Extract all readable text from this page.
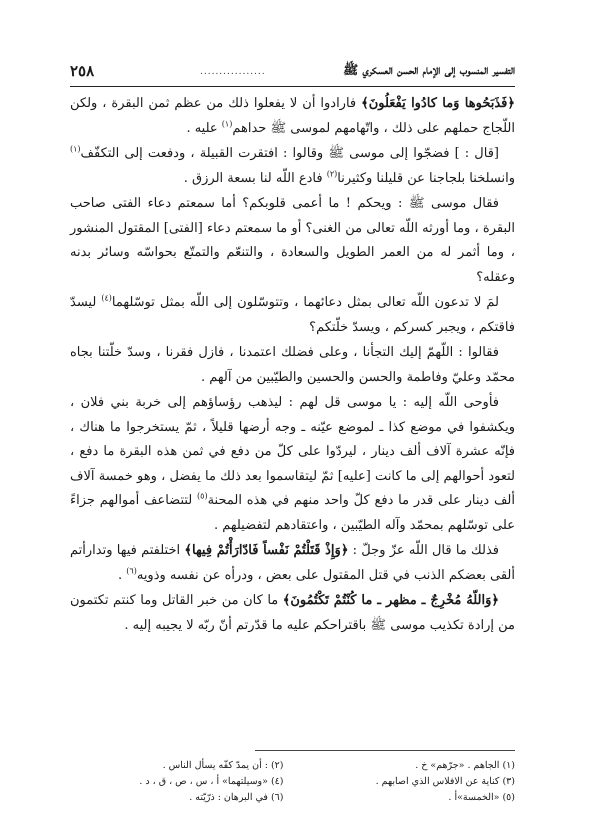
٢٥٨	التفسير المنسوب إلى الإمام الحسن العسكري ﷺ
.................

﴿فَذَبَحُوها وَما كادُوا يَفْعَلُونَ﴾ فارادوا أن لا يفعلوا ذلك من عظم ثمن البقرة ، ولكن اللّجاج حملهم على ذلك ، واتّهامهم لموسى ﷺ حداهم$^{(١)}$ عليه .

[قال : ] فضجّوا إلى موسى ﷺ وقالوا : افتقرت القبيلة ، ودفعت إلى التكفّف$^{(١)}$ وانسلخنا بلجاجنا عن قليلنا وكثيرنا$^{(٢)}$ فادع اللّه لنا بسعة الرزق .

فقال موسى ﷺ : ويحكم ! ما أعمى قلوبكم؟ أما سمعتم دعاء الفتى صاحب البقرة ، وما أورثه اللّه تعالى من الغنى؟ أو ما سمعتم دعاء [الفتى] المقتول المنشور ، وما أثمر له من العمر الطويل والسعادة ، والتنعّم والتمتّع بحواسّه وسائر بدنه وعقله؟

لمَ لا تدعون اللّه تعالى بمثل دعائهما ، وتتوسّلون إلى اللّه بمثل توسّلهما$^{(٤)}$ ليسدّ فاقتكم ، ويجبر كسركم ، ويسدّ خلّتكم؟

فقالوا : اللّهمّ إليك التجأنا ، وعلى فضلك اعتمدنا ، فازل فقرنا ، وسدّ خلّتنا بجاه محمّد وعليّ وفاطمة والحسن والحسين والطيّبين من آلهم .

فأوحى اللّه إليه : يا موسى قل لهم : ليذهب رؤساؤهم إلى خربة بني فلان ، ويكشفوا في موضع كذا ـ لموضع عيّنه ـ وجه أرضها قليلاً ، ثمّ يستخرجوا ما هناك ، فإنّه عشرة آلاف ألف دينار ، ليردّوا على كلّ من دفع في ثمن هذه البقرة ما دفع ، لتعود أحوالهم إلى ما كانت [عليه] ثمّ ليتقاسموا بعد ذلك ما يفضل ، وهو خمسة آلاف ألف دينار على قدر ما دفع كلّ واحد منهم في هذه المحنة$^{(٥)}$ لتتضاعف أموالهم جزاءً على توسّلهم بمحمّد وآله الطيّبين ، واعتقادهم لتفضيلهم .

فذلك ما قال اللّه عزّ وجلّ : ﴿وَإِذْ قَتَلْتُمْ نَفْساً فَادّارَأْتُمْ فِيها﴾ اختلفتم فيها وتدارأتم ألقى بعضكم الذنب في قتل المقتول على بعض ، ودرأه عن نفسه وذويه$^{(٦)}$ .

﴿وَاللّهُ مُخْرِجٌ ـ مظهر ـ ما كُنْتُمْ تَكْتُمُونَ﴾ ما كان من خبر القاتل وما كنتم تكتمون من إرادة تكذيب موسى ﷺ باقتراحكم عليه ما قدّرتم أنّ ربّه لا يجيبه إليه .

(١) الجاهم . «جرّهم» خ .
(٢) : أن يمدّ كفّه يسأل الناس .
(٣) كناية عن الافلاس الذي اصابهم .
(٤) «وسيلتهما» أ ، س ، ص ، ق ، د .
(٥) «الخمسة»أ .
(٦) في البرهان : ذرّيّته .
